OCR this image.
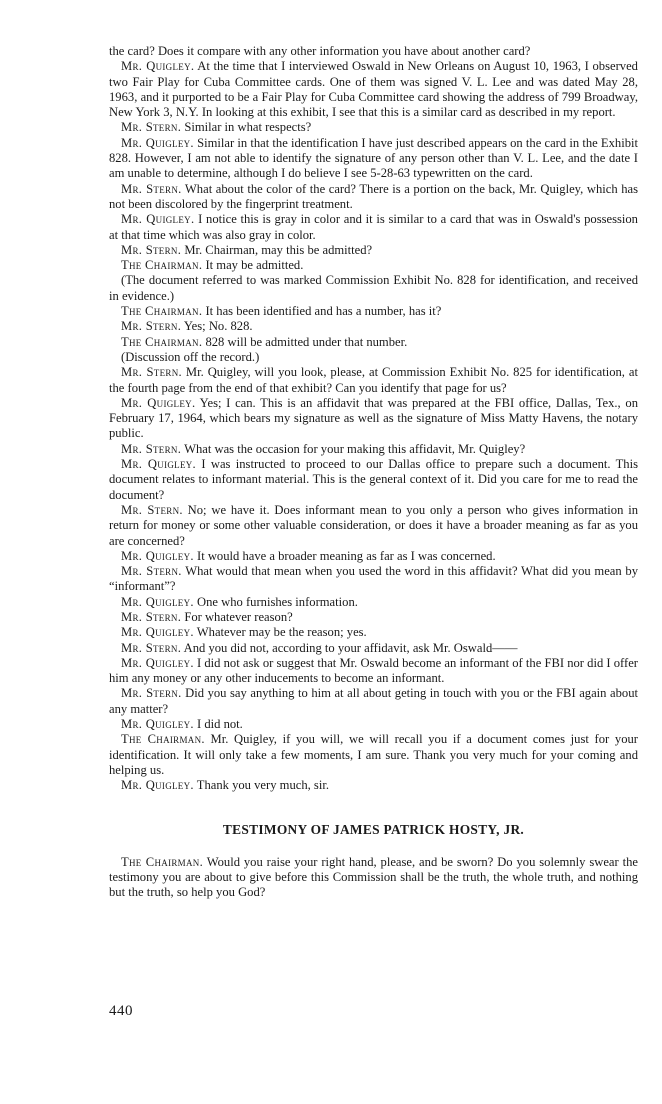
the card? Does it compare with any other information you have about another card?

Mr. Quigley. At the time that I interviewed Oswald in New Orleans on August 10, 1963, I observed two Fair Play for Cuba Committee cards. One of them was signed V. L. Lee and was dated May 28, 1963, and it purported to be a Fair Play for Cuba Committee card showing the address of 799 Broadway, New York 3, N.Y. In looking at this exhibit, I see that this is a similar card as described in my report.

Mr. Stern. Similar in what respects?

Mr. Quigley. Similar in that the identification I have just described appears on the card in the Exhibit 828. However, I am not able to identify the signature of any person other than V. L. Lee, and the date I am unable to determine, although I do believe I see 5-28-63 typewritten on the card.

Mr. Stern. What about the color of the card? There is a portion on the back, Mr. Quigley, which has not been discolored by the fingerprint treatment.

Mr. Quigley. I notice this is gray in color and it is similar to a card that was in Oswald's possession at that time which was also gray in color.

Mr. Stern. Mr. Chairman, may this be admitted?

The Chairman. It may be admitted.

(The document referred to was marked Commission Exhibit No. 828 for identification, and received in evidence.)

The Chairman. It has been identified and has a number, has it?

Mr. Stern. Yes; No. 828.

The Chairman. 828 will be admitted under that number.

(Discussion off the record.)

Mr. Stern. Mr. Quigley, will you look, please, at Commission Exhibit No. 825 for identification, at the fourth page from the end of that exhibit? Can you identify that page for us?

Mr. Quigley. Yes; I can. This is an affidavit that was prepared at the FBI office, Dallas, Tex., on February 17, 1964, which bears my signature as well as the signature of Miss Matty Havens, the notary public.

Mr. Stern. What was the occasion for your making this affidavit, Mr. Quigley?

Mr. Quigley. I was instructed to proceed to our Dallas office to prepare such a document. This document relates to informant material. This is the general context of it. Did you care for me to read the document?

Mr. Stern. No; we have it. Does informant mean to you only a person who gives information in return for money or some other valuable consideration, or does it have a broader meaning as far as you are concerned?

Mr. Quigley. It would have a broader meaning as far as I was concerned.

Mr. Stern. What would that mean when you used the word in this affidavit? What did you mean by “informant”?

Mr. Quigley. One who furnishes information.

Mr. Stern. For whatever reason?

Mr. Quigley. Whatever may be the reason; yes.

Mr. Stern. And you did not, according to your affidavit, ask Mr. Oswald——

Mr. Quigley. I did not ask or suggest that Mr. Oswald become an informant of the FBI nor did I offer him any money or any other inducements to become an informant.

Mr. Stern. Did you say anything to him at all about geting in touch with you or the FBI again about any matter?

Mr. Quigley. I did not.

The Chairman. Mr. Quigley, if you will, we will recall you if a document comes just for your identification. It will only take a few moments, I am sure. Thank you very much for your coming and helping us.

Mr. Quigley. Thank you very much, sir.

TESTIMONY OF JAMES PATRICK HOSTY, JR.

The Chairman. Would you raise your right hand, please, and be sworn? Do you solemnly swear the testimony you are about to give before this Commission shall be the truth, the whole truth, and nothing but the truth, so help you God?

440
